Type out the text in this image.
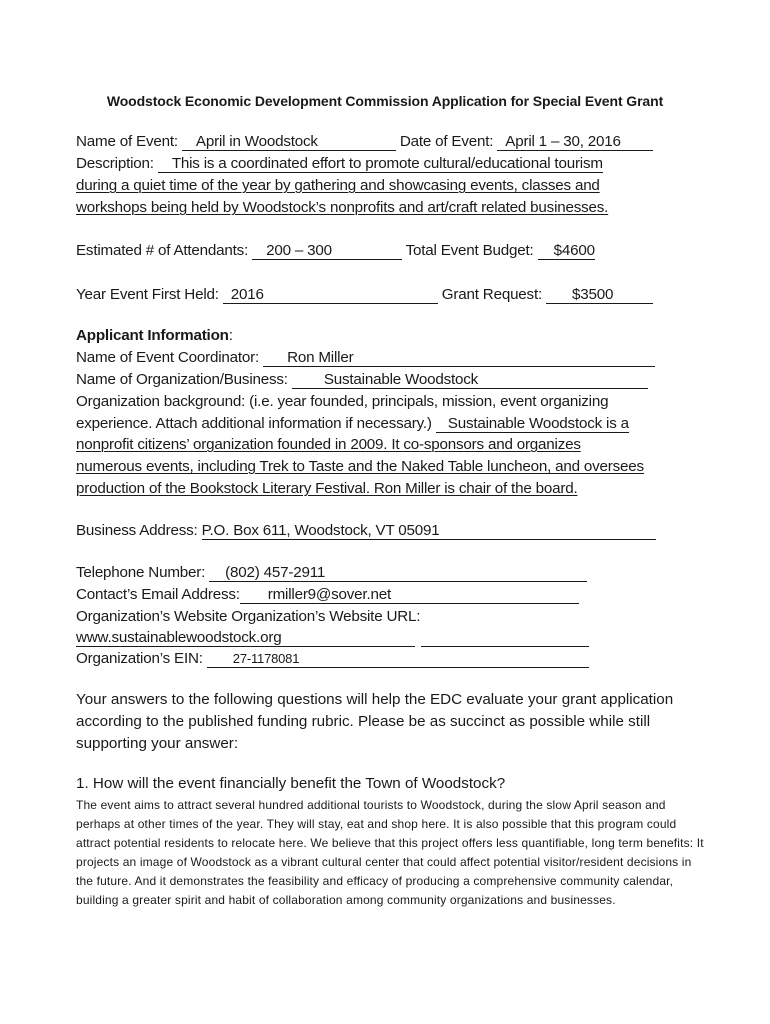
Woodstock Economic Development Commission Application for Special Event Grant
Name of Event: April in Woodstock	Date of Event: April 1 – 30, 2016
Description: This is a coordinated effort to promote cultural/educational tourism
during a quiet time of the year by gathering and showcasing events, classes and
workshops being held by Woodstock’s nonprofits and art/craft related businesses.
Estimated # of Attendants: 200 – 300	Total Event Budget: $4600
Year Event First Held: 2016	Grant Request: $3500
Applicant Information:
Name of Event Coordinator: Ron Miller
Name of Organization/Business: Sustainable Woodstock
Organization background: (i.e. year founded, principals, mission, event organizing
experience. Attach additional information if necessary.) Sustainable Woodstock is a
nonprofit citizens’ organization founded in 2009. It co-sponsors and organizes
numerous events, including Trek to Taste and the Naked Table luncheon, and oversees
production of the Bookstock Literary Festival. Ron Miller is chair of the board.
Business Address: P.O. Box 611, Woodstock, VT 05091
Telephone Number: (802) 457-2911
Contact’s Email Address: rmiller9@sover.net
Organization’s Website Organization’s Website URL:
www.sustainablewoodstock.org
Organization’s EIN: 27-1178081
Your answers to the following questions will help the EDC evaluate your grant application according to the published funding rubric. Please be as succinct as possible while still supporting your answer:
1. How will the event financially benefit the Town of Woodstock?
The event aims to attract several hundred additional tourists to Woodstock, during the slow April season and perhaps at other times of the year. They will stay, eat and shop here. It is also possible that this program could attract potential residents to relocate here. We believe that this project offers less quantifiable, long term benefits: It projects an image of Woodstock as a vibrant cultural center that could affect potential visitor/resident decisions in the future. And it demonstrates the feasibility and efficacy of producing a comprehensive community calendar, building a greater spirit and habit of collaboration among community organizations and businesses.
